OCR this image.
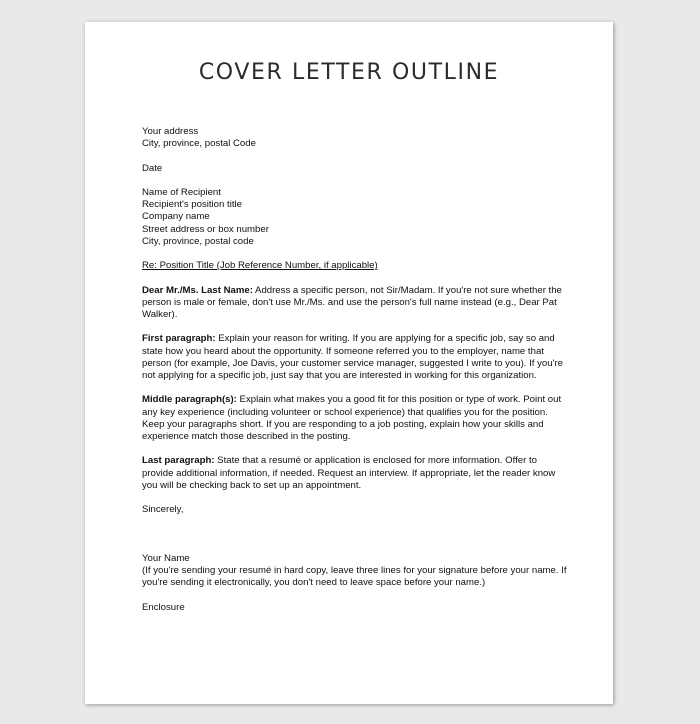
COVER LETTER OUTLINE
Your address
City, province, postal Code
Date
Name of Recipient
Recipient's position title
Company name
Street address or box number
City, province, postal code
Re: Position Title (Job Reference Number, if applicable)
Dear Mr./Ms. Last Name: Address a specific person, not Sir/Madam. If you're not sure whether the person is male or female, don't use Mr./Ms. and use the person's full name instead (e.g., Dear Pat Walker).
First paragraph: Explain your reason for writing. If you are applying for a specific job, say so and state how you heard about the opportunity. If someone referred you to the employer, name that person (for example, Joe Davis, your customer service manager, suggested I write to you). If you're not applying for a specific job, just say that you are interested in working for this organization.
Middle paragraph(s): Explain what makes you a good fit for this position or type of work. Point out any key experience (including volunteer or school experience) that qualifies you for the position. Keep your paragraphs short. If you are responding to a job posting, explain how your skills and experience match those described in the posting.
Last paragraph: State that a resumé or application is enclosed for more information. Offer to provide additional information, if needed. Request an interview. If appropriate, let the reader know you will be checking back to set up an appointment.
Sincerely,
Your Name
(If you're sending your resumé in hard copy, leave three lines for your signature before your name. If you're sending it electronically, you don't need to leave space before your name.)
Enclosure
